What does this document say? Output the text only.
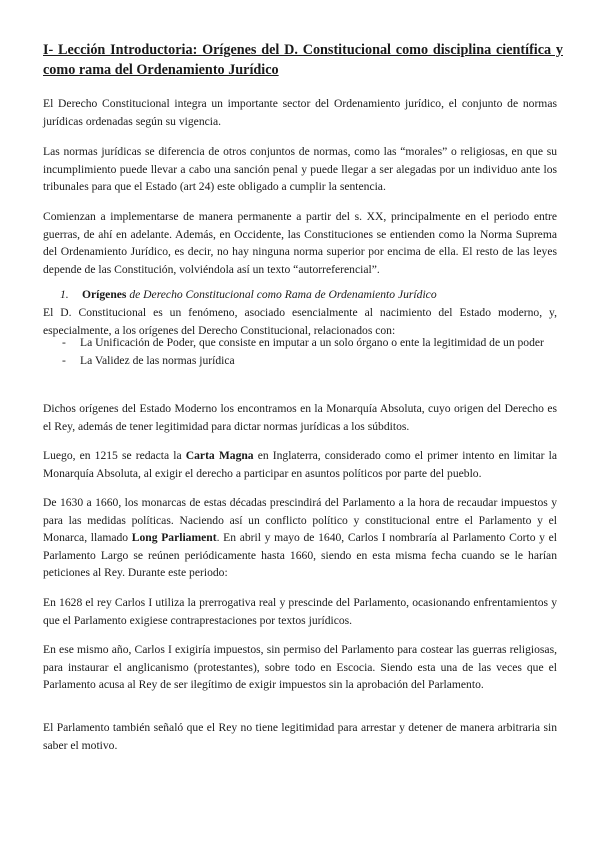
I- Lección Introductoria: Orígenes del D. Constitucional como disciplina científica y como rama del Ordenamiento Jurídico

El Derecho Constitucional integra un importante sector del Ordenamiento jurídico, el conjunto de normas jurídicas ordenadas según su vigencia.

Las normas jurídicas se diferencia de otros conjuntos de normas, como las “morales” o religiosas, en que su incumplimiento puede llevar a cabo una sanción penal y puede llegar a ser alegadas por un individuo ante los tribunales para que el Estado (art 24) este obligado a cumplir la sentencia.

Comienzan a implementarse de manera permanente a partir del s. XX, principalmente en el periodo entre guerras, de ahí en adelante. Además, en Occidente, las Constituciones se entienden como la Norma Suprema del Ordenamiento Jurídico, es decir, no hay ninguna norma superior por encima de ella. El resto de las leyes depende de las Constitución, volviéndola así un texto “autorreferencial”.

1. Orígenes de Derecho Constitucional como Rama de Ordenamiento Jurídico

El D. Constitucional es un fenómeno, asociado esencialmente al nacimiento del Estado moderno, y, especialmente, a los orígenes del Derecho Constitucional, relacionados con:

- La Unificación de Poder, que consiste en imputar a un solo órgano o ente la legitimidad de un poder
- La Validez de las normas jurídica

Dichos orígenes del Estado Moderno los encontramos en la Monarquía Absoluta, cuyo origen del Derecho es el Rey, además de tener legitimidad para dictar normas jurídicas a los súbditos.

Luego, en 1215 se redacta la Carta Magna en Inglaterra, considerado como el primer intento en limitar la Monarquía Absoluta, al exigir el derecho a participar en asuntos políticos por parte del pueblo.

De 1630 a 1660, los monarcas de estas décadas prescindirá del Parlamento a la hora de recaudar impuestos y para las medidas políticas. Naciendo así un conflicto político y constitucional entre el Parlamento y el Monarca, llamado Long Parliament. En abril y mayo de 1640, Carlos I nombraría al Parlamento Corto y el Parlamento Largo se reúnen periódicamente hasta 1660, siendo en esta misma fecha cuando se le harían peticiones al Rey. Durante este periodo:

En 1628 el rey Carlos I utiliza la prerrogativa real y prescinde del Parlamento, ocasionando enfrentamientos y que el Parlamento exigiese contraprestaciones por textos jurídicos.

En ese mismo año, Carlos I exigiría impuestos, sin permiso del Parlamento para costear las guerras religiosas, para instaurar el anglicanismo (protestantes), sobre todo en Escocia. Siendo esta una de las veces que el Parlamento acusa al Rey de ser ilegítimo de exigir impuestos sin la aprobación del Parlamento.

El Parlamento también señaló que el Rey no tiene legitimidad para arrestar y detener de manera arbitraria sin saber el motivo.
